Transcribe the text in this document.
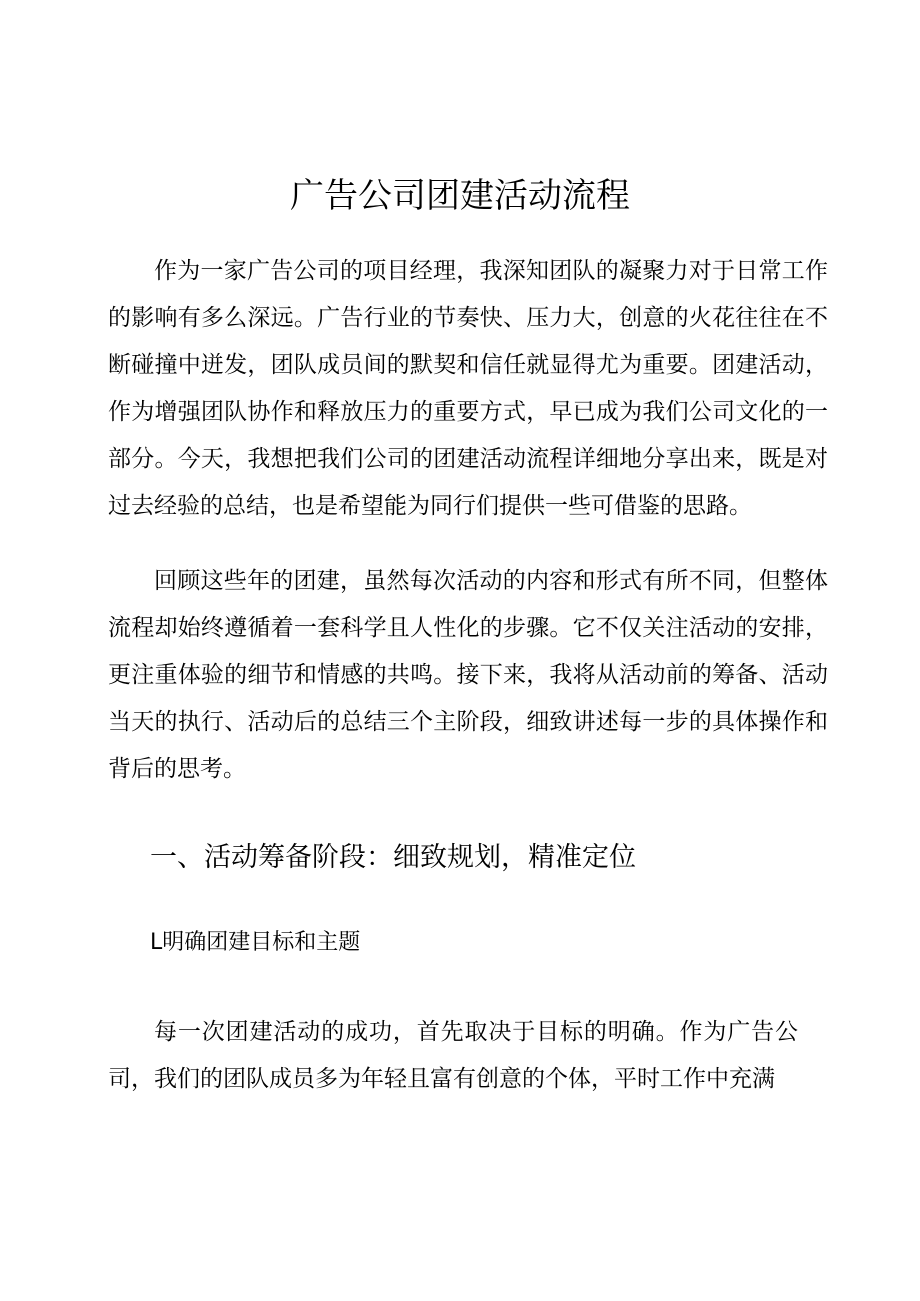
广告公司团建活动流程

作为一家广告公司的项目经理，我深知团队的凝聚力对于日常工作的影响有多么深远。广告行业的节奏快、压力大，创意的火花往往在不断碰撞中迸发，团队成员间的默契和信任就显得尤为重要。团建活动，作为增强团队协作和释放压力的重要方式，早已成为我们公司文化的一部分。今天，我想把我们公司的团建活动流程详细地分享出来，既是对过去经验的总结，也是希望能为同行们提供一些可借鉴的思路。

回顾这些年的团建，虽然每次活动的内容和形式有所不同，但整体流程却始终遵循着一套科学且人性化的步骤。它不仅关注活动的安排，更注重体验的细节和情感的共鸣。接下来，我将从活动前的筹备、活动当天的执行、活动后的总结三个主阶段，细致讲述每一步的具体操作和背后的思考。

一、活动筹备阶段：细致规划，精准定位
L明确团建目标和主题

每一次团建活动的成功，首先取决于目标的明确。作为广告公司，我们的团队成员多为年轻且富有创意的个体，平时工作中充满
